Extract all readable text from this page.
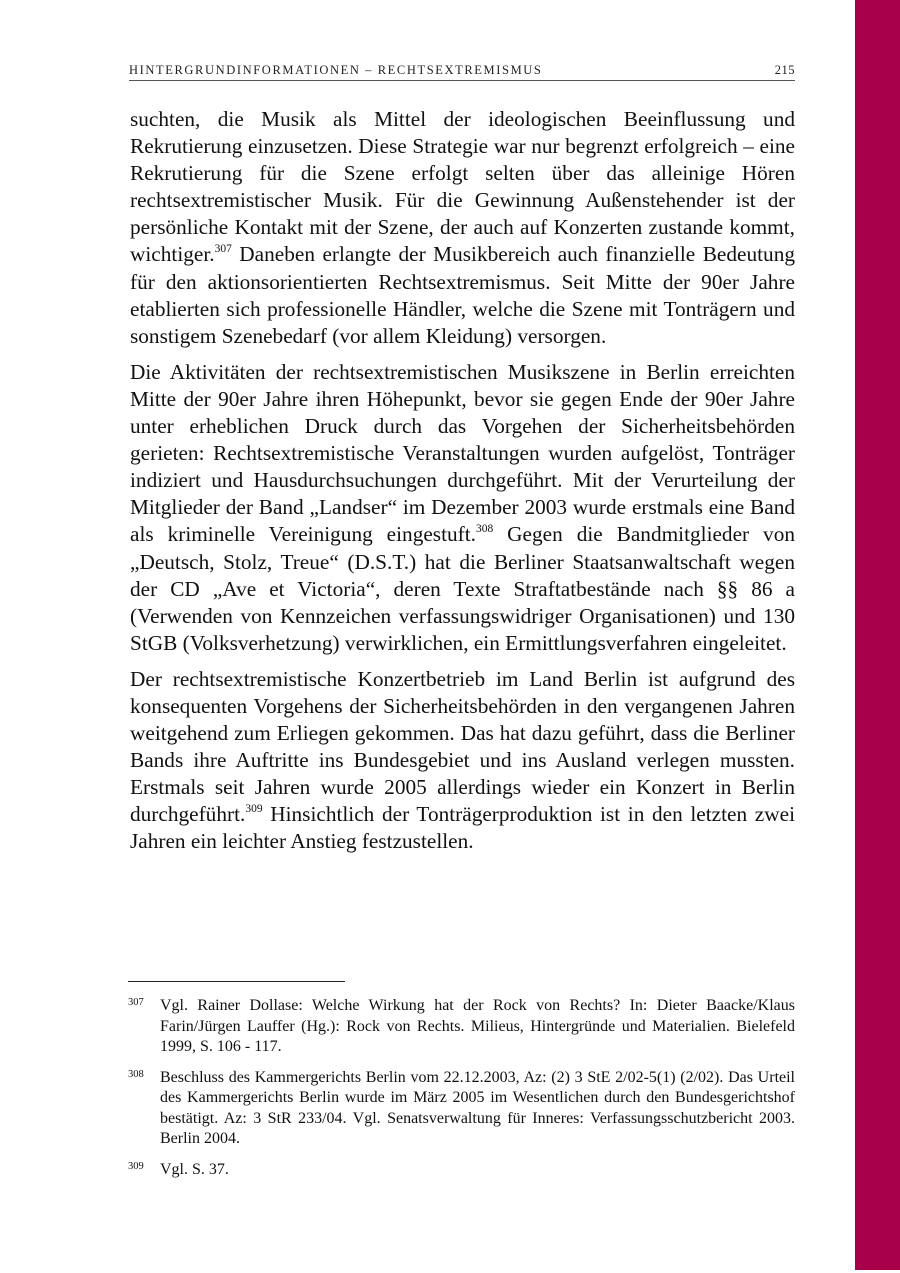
HINTERGRUNDINFORMATIONEN – RECHTSEXTREMISMUS	215

suchten, die Musik als Mittel der ideologischen Beeinflussung und Rekrutierung einzusetzen. Diese Strategie war nur begrenzt erfolgreich – eine Rekrutierung für die Szene erfolgt selten über das alleinige Hören rechtsextremistischer Musik. Für die Gewinnung Außenstehender ist der persönliche Kontakt mit der Szene, der auch auf Konzerten zustande kommt, wichtiger.$^{307}$ Daneben erlangte der Musikbereich auch finanzielle Bedeutung für den aktionsorientierten Rechtsextremismus. Seit Mitte der 90er Jahre etablierten sich professionelle Händler, welche die Szene mit Tonträgern und sonstigem Szenebedarf (vor allem Kleidung) versorgen.

Die Aktivitäten der rechtsextremistischen Musikszene in Berlin erreichten Mitte der 90er Jahre ihren Höhepunkt, bevor sie gegen Ende der 90er Jahre unter erheblichen Druck durch das Vorgehen der Sicherheitsbehörden gerieten: Rechtsextremistische Veranstaltungen wurden aufgelöst, Tonträger indiziert und Hausdurchsuchungen durchgeführt. Mit der Verurteilung der Mitglieder der Band „Landser“ im Dezember 2003 wurde erstmals eine Band als kriminelle Vereinigung eingestuft.$^{308}$ Gegen die Bandmitglieder von „Deutsch, Stolz, Treue“ (D.S.T.) hat die Berliner Staatsanwaltschaft wegen der CD „Ave et Victoria“, deren Texte Straftatbestände nach §§ 86 a (Verwenden von Kennzeichen verfassungswidriger Organisationen) und 130 StGB (Volksverhetzung) verwirklichen, ein Ermittlungsverfahren eingeleitet.

Der rechtsextremistische Konzertbetrieb im Land Berlin ist aufgrund des konsequenten Vorgehens der Sicherheitsbehörden in den vergangenen Jahren weitgehend zum Erliegen gekommen. Das hat dazu geführt, dass die Berliner Bands ihre Auftritte ins Bundesgebiet und ins Ausland verlegen mussten. Erstmals seit Jahren wurde 2005 allerdings wieder ein Konzert in Berlin durchgeführt.$^{309}$ Hinsichtlich der Tonträgerproduktion ist in den letzten zwei Jahren ein leichter Anstieg festzustellen.

307	Vgl. Rainer Dollase: Welche Wirkung hat der Rock von Rechts? In: Dieter Baacke/Klaus Farin/Jürgen Lauffer (Hg.): Rock von Rechts. Milieus, Hintergründe und Materialien. Bielefeld 1999, S. 106 - 117.
308	Beschluss des Kammergerichts Berlin vom 22.12.2003, Az: (2) 3 StE 2/02-5(1) (2/02). Das Urteil des Kammergerichts Berlin wurde im März 2005 im Wesentlichen durch den Bundesgerichtshof bestätigt. Az: 3 StR 233/04. Vgl. Senatsverwaltung für Inneres: Verfassungsschutzbericht 2003. Berlin 2004.
309	Vgl. S. 37.
